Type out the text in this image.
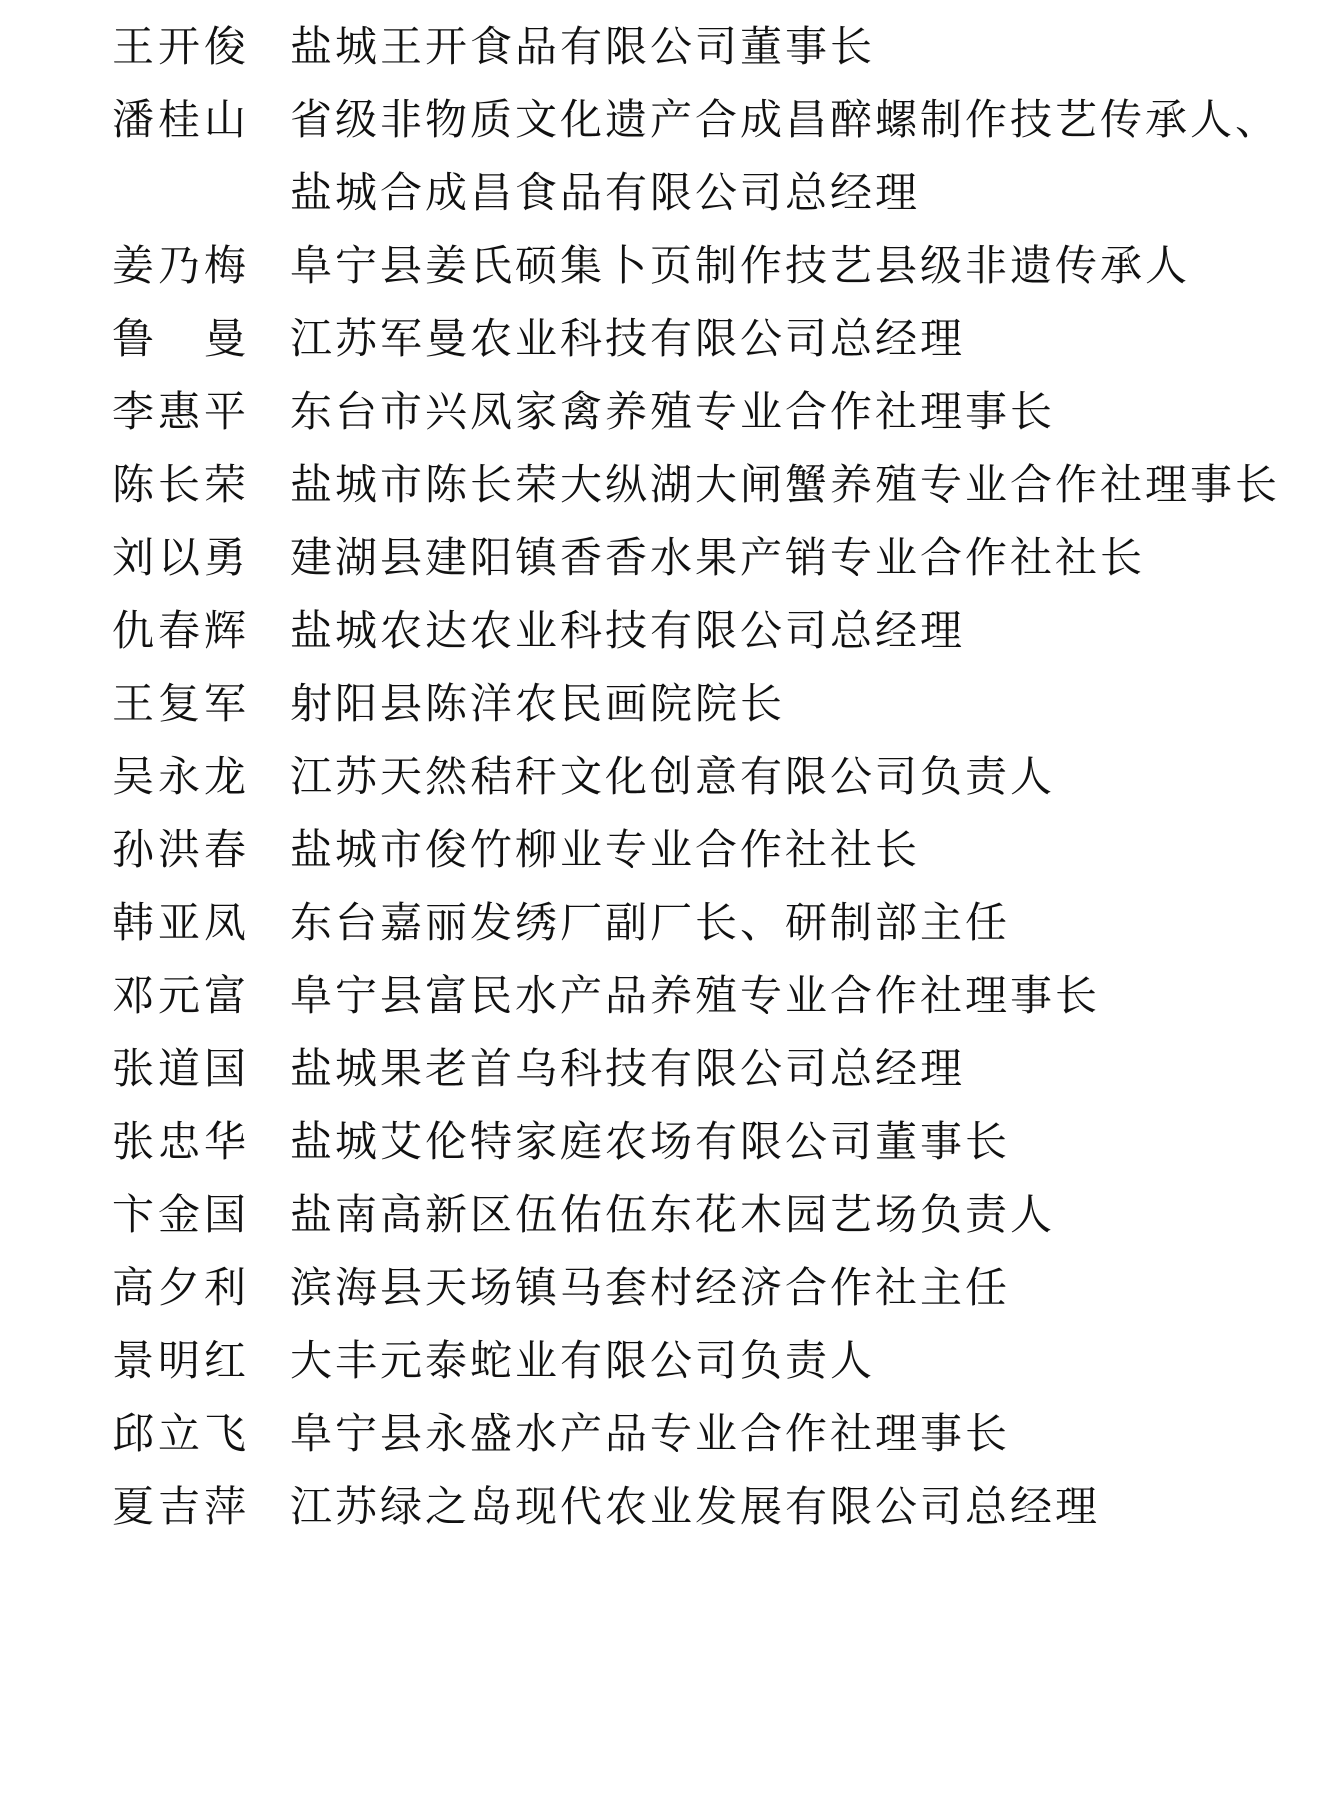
王开俊 盐城王开食品有限公司董事长
潘桂山 省级非物质文化遗产合成昌醉螺制作技艺传承人、
盐城合成昌食品有限公司总经理
姜乃梅 阜宁县姜氏硕集卜页制作技艺县级非遗传承人
鲁　曼 江苏军曼农业科技有限公司总经理
李惠平 东台市兴凤家禽养殖专业合作社理事长
陈长荣 盐城市陈长荣大纵湖大闸蟹养殖专业合作社理事长
刘以勇 建湖县建阳镇香香水果产销专业合作社社长
仇春辉 盐城农达农业科技有限公司总经理
王复军 射阳县陈洋农民画院院长
吴永龙 江苏天然秸秆文化创意有限公司负责人
孙洪春 盐城市俊竹柳业专业合作社社长
韩亚凤 东台嘉丽发绣厂副厂长、研制部主任
邓元富 阜宁县富民水产品养殖专业合作社理事长
张道国 盐城果老首乌科技有限公司总经理
张忠华 盐城艾伦特家庭农场有限公司董事长
卞金国 盐南高新区伍佑伍东花木园艺场负责人
高夕利 滨海县天场镇马套村经济合作社主任
景明红 大丰元泰蛇业有限公司负责人
邱立飞 阜宁县永盛水产品专业合作社理事长
夏吉萍 江苏绿之岛现代农业发展有限公司总经理
